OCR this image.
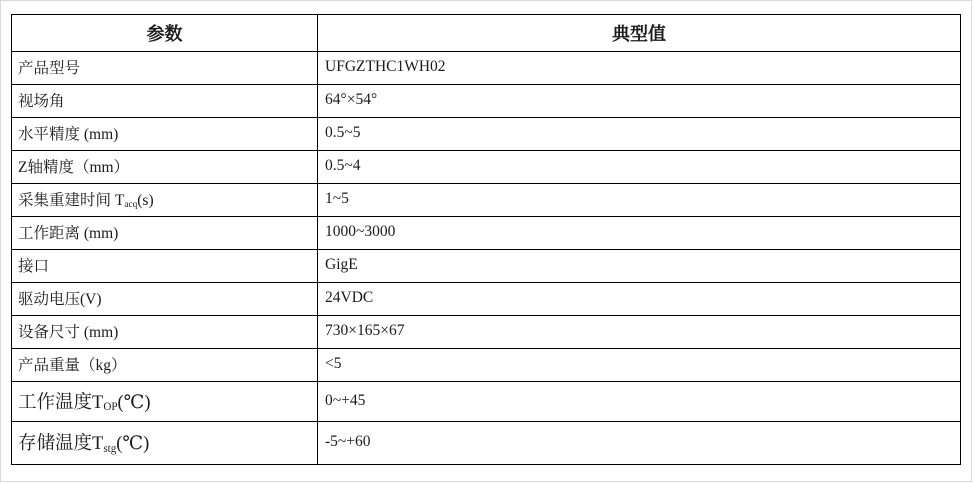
参数	典型值
产品型号	UFGZTHC1WH02
视场角	64°×54°
水平精度 (mm)	0.5~5
Z轴精度（mm）	0.5~4
采集重建时间 $T_{acq}(s)$	1~5
工作距离 (mm)	1000~3000
接口	GigE
驱动电压(V)	24VDC
设备尺寸 (mm)	730×165×67
产品重量（kg）	<5
工作温度$T_{OP}(℃)$	0~+45
存储温度$T_{stg}(℃)$	-5~+60
